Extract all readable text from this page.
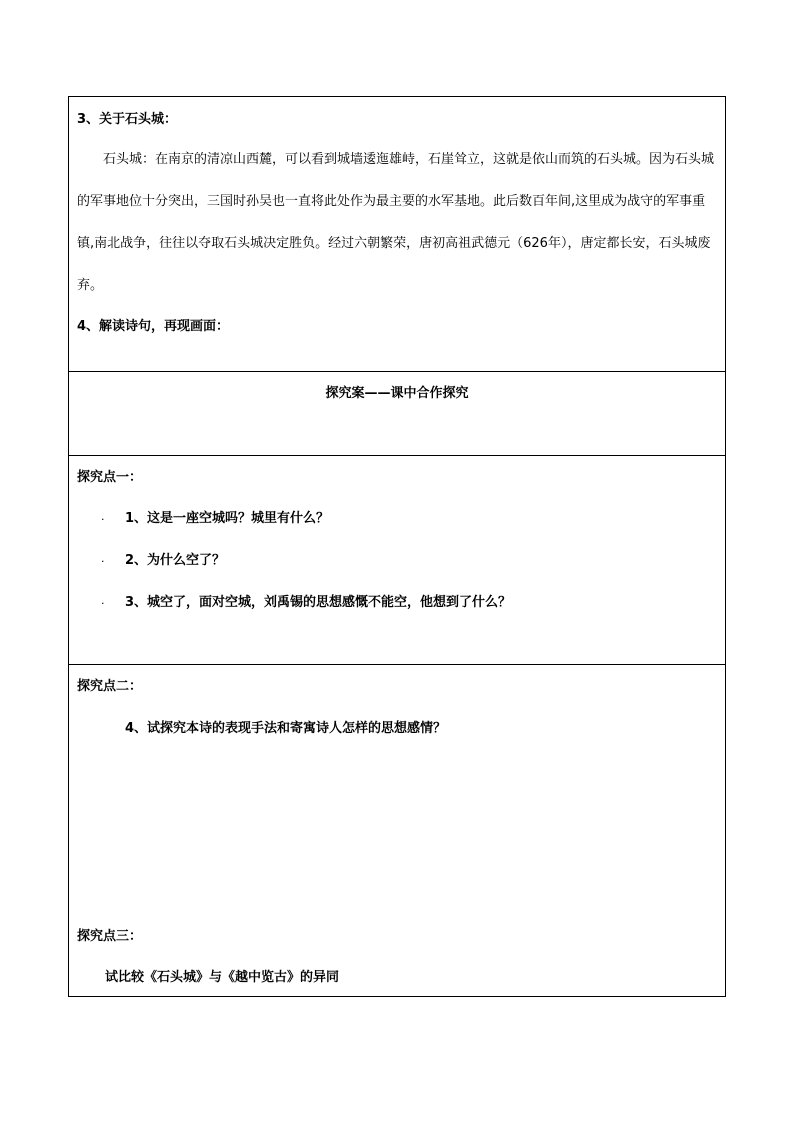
3、关于石头城：
石头城：在南京的清凉山西麓，可以看到城墙逶迤雄峙，石崖耸立，这就是依山而筑的石头城。因为石头城的军事地位十分突出，三国时孙吴也一直将此处作为最主要的水军基地。此后数百年间,这里成为战守的军事重镇,南北战争，往往以夺取石头城决定胜负。经过六朝繁荣，唐初高祖武德元（626年），唐定都长安，石头城废弃。
4、解读诗句，再现画面：
探究案——课中合作探究
探究点一：
· 1、这是一座空城吗？城里有什么？
· 2、为什么空了？
· 3、城空了，面对空城，刘禹锡的思想感慨不能空，他想到了什么？
探究点二：
4、试探究本诗的表现手法和寄寓诗人怎样的思想感情？
探究点三：
试比较《石头城》与《越中览古》的异同
